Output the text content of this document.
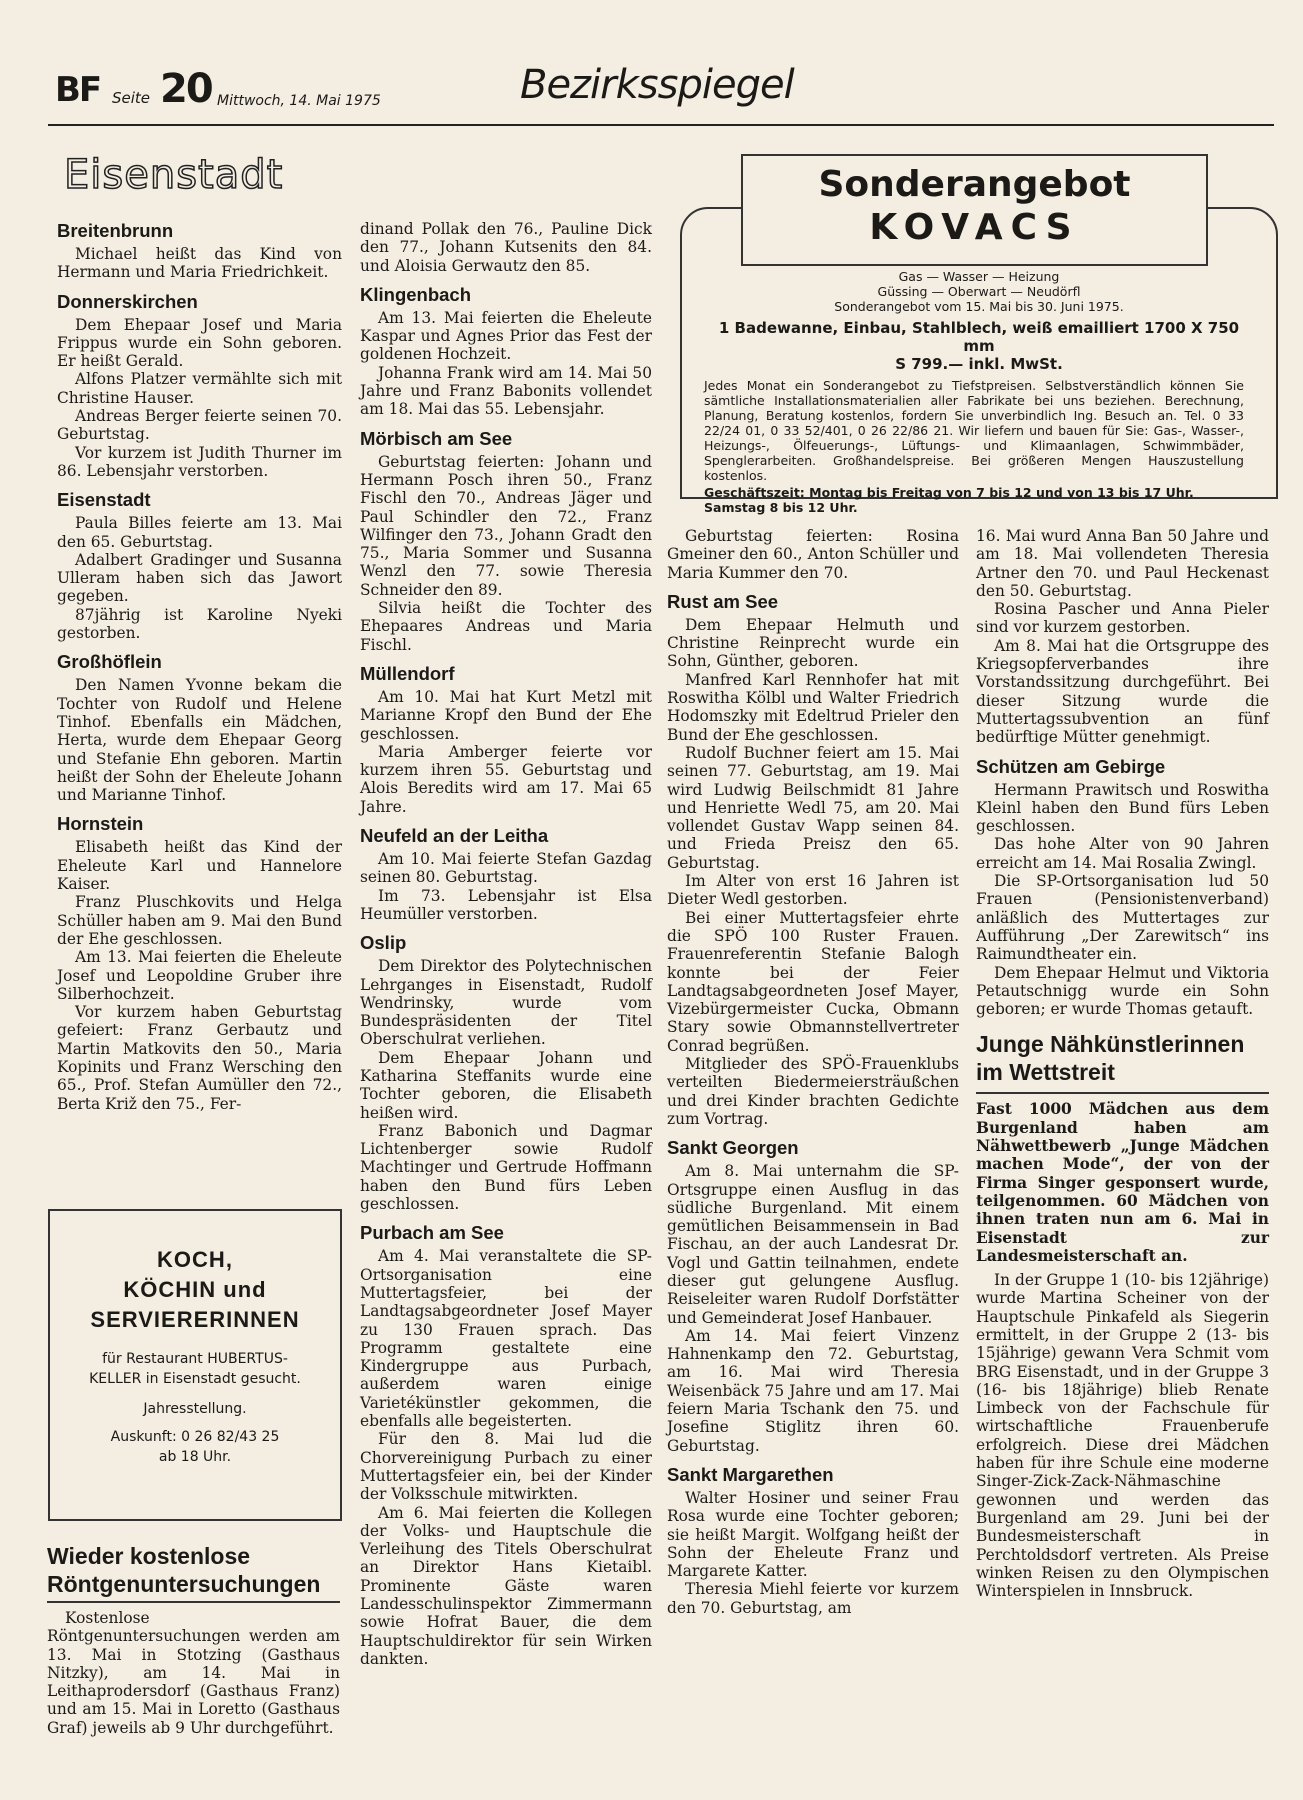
BF Seite 20 Mittwoch, 14. Mai 1975	Bezirksspiegel
Eisenstadt
Breitenbrunn

Michael heißt das Kind von Hermann und Maria Friedrichkeit.

Donnerskirchen

Dem Ehepaar Josef und Maria Frippus wurde ein Sohn geboren. Er heißt Gerald.

Alfons Platzer vermählte sich mit Christine Hauser.

Andreas Berger feierte seinen 70. Geburtstag.

Vor kurzem ist Judith Thurner im 86. Lebensjahr verstorben.

Eisenstadt

Paula Billes feierte am 13. Mai den 65. Geburtstag.

Adalbert Gradinger und Susanna Ulleram haben sich das Jawort gegeben.

87jährig ist Karoline Nyeki gestorben.

Großhöflein

Den Namen Yvonne bekam die Tochter von Rudolf und Helene Tinhof. Ebenfalls ein Mädchen, Herta, wurde dem Ehepaar Georg und Stefanie Ehn geboren. Martin heißt der Sohn der Eheleute Johann und Marianne Tinhof.

Hornstein

Elisabeth heißt das Kind der Eheleute Karl und Hannelore Kaiser.

Franz Pluschkovits und Helga Schüller haben am 9. Mai den Bund der Ehe geschlossen.

Am 13. Mai feierten die Eheleute Josef und Leopoldine Gruber ihre Silberhochzeit.

Vor kurzem haben Geburtstag gefeiert: Franz Gerbautz und Martin Matkovits den 50., Maria Kopinits und Franz Wersching den 65., Prof. Stefan Aumüller den 72., Berta Križ den 75., Fer-

KOCH,
KÖCHIN und
SERVIERERINNEN
für Restaurant HUBERTUS-
KELLER in Eisenstadt gesucht.
Jahresstellung.
Auskunft: 0 26 82/43 25
ab 18 Uhr.
Wieder kostenlose
Röntgenuntersuchungen

Kostenlose Röntgenuntersuchungen werden am 13. Mai in Stotzing (Gasthaus Nitzky), am 14. Mai in Leithaprodersdorf (Gasthaus Franz) und am 15. Mai in Loretto (Gasthaus Graf) jeweils ab 9 Uhr durchgeführt.

dinand Pollak den 76., Pauline Dick den 77., Johann Kutsenits den 84. und Aloisia Gerwautz den 85.

Klingenbach

Am 13. Mai feierten die Eheleute Kaspar und Agnes Prior das Fest der goldenen Hochzeit.

Johanna Frank wird am 14. Mai 50 Jahre und Franz Babonits vollendet am 18. Mai das 55. Lebensjahr.

Mörbisch am See

Geburtstag feierten: Johann und Hermann Posch ihren 50., Franz Fischl den 70., Andreas Jäger und Paul Schindler den 72., Franz Wilfinger den 73., Johann Gradt den 75., Maria Sommer und Susanna Wenzl den 77. sowie Theresia Schneider den 89.

Silvia heißt die Tochter des Ehepaares Andreas und Maria Fischl.

Müllendorf

Am 10. Mai hat Kurt Metzl mit Marianne Kropf den Bund der Ehe geschlossen.

Maria Amberger feierte vor kurzem ihren 55. Geburtstag und Alois Beredits wird am 17. Mai 65 Jahre.

Neufeld an der Leitha

Am 10. Mai feierte Stefan Gazdag seinen 80. Geburtstag.

Im 73. Lebensjahr ist Elsa Heumüller verstorben.

Oslip

Dem Direktor des Polytechnischen Lehrganges in Eisenstadt, Rudolf Wendrinsky, wurde vom Bundespräsidenten der Titel Oberschulrat verliehen.

Dem Ehepaar Johann und Katharina Steffanits wurde eine Tochter geboren, die Elisabeth heißen wird.

Franz Babonich und Dagmar Lichtenberger sowie Rudolf Machtinger und Gertrude Hoffmann haben den Bund fürs Leben geschlossen.

Purbach am See

Am 4. Mai veranstaltete die SP-Ortsorganisation eine Muttertagsfeier, bei der Landtagsabgeordneter Josef Mayer zu 130 Frauen sprach. Das Programm gestaltete eine Kindergruppe aus Purbach, außerdem waren einige Varietékünstler gekommen, die ebenfalls alle begeisterten.

Für den 8. Mai lud die Chorvereinigung Purbach zu einer Muttertagsfeier ein, bei der Kinder der Volksschule mitwirkten.

Am 6. Mai feierten die Kollegen der Volks- und Hauptschule die Verleihung des Titels Oberschulrat an Direktor Hans Kietaibl. Prominente Gäste waren Landesschulinspektor Zimmermann sowie Hofrat Bauer, die dem Hauptschuldirektor für sein Wirken dankten.

Gas — Wasser — Heizung
Güssing — Oberwart — Neudörfl
Sonderangebot vom 15. Mai bis 30. Juni 1975.
1 Badewanne, Einbau, Stahlblech, weiß emailliert 1700 X 750 mm
S 799.— inkl. MwSt.
Jedes Monat ein Sonderangebot zu Tiefstpreisen. Selbstverständlich können Sie sämtliche Installationsmaterialien aller Fabrikate bei uns beziehen. Berechnung, Planung, Beratung kostenlos, fordern Sie unverbindlich Ing. Besuch an. Tel. 0 33 22/24 01, 0 33 52/401, 0 26 22/86 21. Wir liefern und bauen für Sie: Gas-, Wasser-, Heizungs-, Ölfeuerungs-, Lüftungs- und Klimaanlagen, Schwimmbäder, Spenglerarbeiten. Großhandelspreise. Bei größeren Mengen Hauszustellung kostenlos.
Geschäftszeit: Montag bis Freitag von 7 bis 12 und von 13 bis 17 Uhr. Samstag 8 bis 12 Uhr.
Sonderangebot
KOVACS

Geburtstag feierten: Rosina Gmeiner den 60., Anton Schüller und Maria Kummer den 70.

Rust am See

Dem Ehepaar Helmuth und Christine Reinprecht wurde ein Sohn, Günther, geboren.

Manfred Karl Rennhofer hat mit Roswitha Kölbl und Walter Friedrich Hodomszky mit Edeltrud Prieler den Bund der Ehe geschlossen.

Rudolf Buchner feiert am 15. Mai seinen 77. Geburtstag, am 19. Mai wird Ludwig Beilschmidt 81 Jahre und Henriette Wedl 75, am 20. Mai vollendet Gustav Wapp seinen 84. und Frieda Preisz den 65. Geburtstag.

Im Alter von erst 16 Jahren ist Dieter Wedl gestorben.

Bei einer Muttertagsfeier ehrte die SPÖ 100 Ruster Frauen. Frauenreferentin Stefanie Balogh konnte bei der Feier Landtagsabgeordneten Josef Mayer, Vizebürgermeister Cucka, Obmann Stary sowie Obmannstellvertreter Conrad begrüßen.

Mitglieder des SPÖ-Frauenklubs verteilten Biedermeiersträußchen und drei Kinder brachten Gedichte zum Vortrag.

Sankt Georgen

Am 8. Mai unternahm die SP-Ortsgruppe einen Ausflug in das südliche Burgenland. Mit einem gemütlichen Beisammensein in Bad Fischau, an der auch Landesrat Dr. Vogl und Gattin teilnahmen, endete dieser gut gelungene Ausflug. Reiseleiter waren Rudolf Dorfstätter und Gemeinderat Josef Hanbauer.

Am 14. Mai feiert Vinzenz Hahnenkamp den 72. Geburtstag, am 16. Mai wird Theresia Weisenbäck 75 Jahre und am 17. Mai feiern Maria Tschank den 75. und Josefine Stiglitz ihren 60. Geburtstag.

Sankt Margarethen

Walter Hosiner und seiner Frau Rosa wurde eine Tochter geboren; sie heißt Margit. Wolfgang heißt der Sohn der Eheleute Franz und Margarete Katter.

Theresia Miehl feierte vor kurzem den 70. Geburtstag, am

16. Mai wurd Anna Ban 50 Jahre und am 18. Mai vollendeten Theresia Artner den 70. und Paul Heckenast den 50. Geburtstag.

Rosina Pascher und Anna Pieler sind vor kurzem gestorben.

Am 8. Mai hat die Ortsgruppe des Kriegsopferverbandes ihre Vorstandssitzung durchgeführt. Bei dieser Sitzung wurde die Muttertagssubvention an fünf bedürftige Mütter genehmigt.

Schützen am Gebirge

Hermann Prawitsch und Roswitha Kleinl haben den Bund fürs Leben geschlossen.

Das hohe Alter von 90 Jahren erreicht am 14. Mai Rosalia Zwingl.

Die SP-Ortsorganisation lud 50 Frauen (Pensionistenverband) anläßlich des Muttertages zur Aufführung „Der Zarewitsch“ ins Raimundtheater ein.

Dem Ehepaar Helmut und Viktoria Petautschnigg wurde ein Sohn geboren; er wurde Thomas getauft.

Junge Nähkünstlerinnen
im Wettstreit

Fast 1000 Mädchen aus dem Burgenland haben am Nähwettbewerb „Junge Mädchen machen Mode“, der von der Firma Singer gesponsert wurde, teilgenommen. 60 Mädchen von ihnen traten nun am 6. Mai in Eisenstadt zur Landesmeisterschaft an.

In der Gruppe 1 (10- bis 12jährige) wurde Martina Scheiner von der Hauptschule Pinkafeld als Siegerin ermittelt, in der Gruppe 2 (13- bis 15jährige) gewann Vera Schmit vom BRG Eisenstadt, und in der Gruppe 3 (16- bis 18jährige) blieb Renate Limbeck von der Fachschule für wirtschaftliche Frauenberufe erfolgreich. Diese drei Mädchen haben für ihre Schule eine moderne Singer-Zick-Zack-Nähmaschine gewonnen und werden das Burgenland am 29. Juni bei der Bundesmeisterschaft in Perchtoldsdorf vertreten. Als Preise winken Reisen zu den Olympischen Winterspielen in Innsbruck.
